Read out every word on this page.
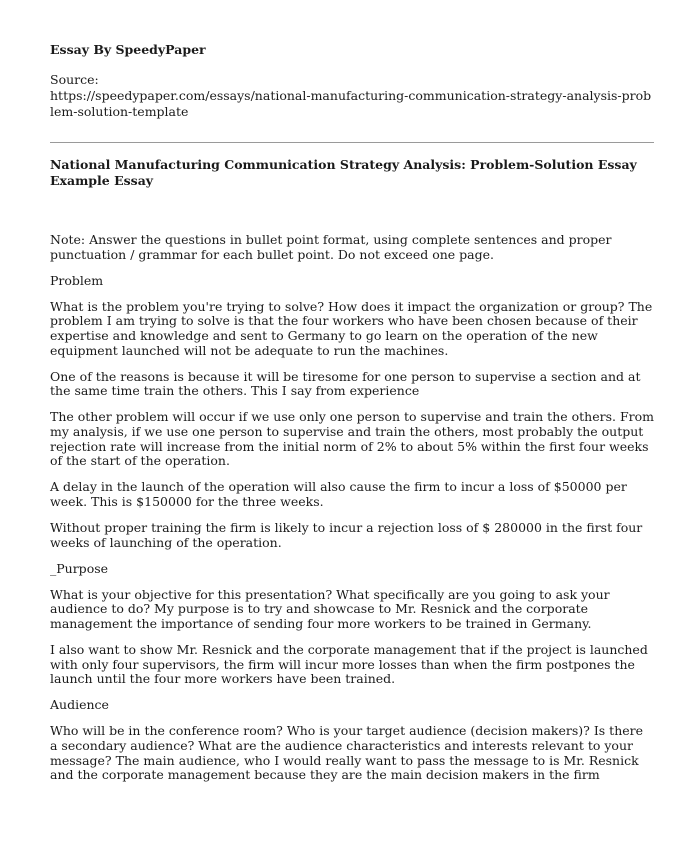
Essay By SpeedyPaper
Source:
https://speedypaper.com/essays/national-manufacturing-communication-strategy-analysis-problem-solution-template
National Manufacturing Communication Strategy Analysis: Problem-Solution Essay Example Essay

Note: Answer the questions in bullet point format, using complete sentences and proper punctuation / grammar for each bullet point. Do not exceed one page.

Problem

What is the problem you're trying to solve? How does it impact the organization or group? The problem I am trying to solve is that the four workers who have been chosen because of their expertise and knowledge and sent to Germany to go learn on the operation of the new equipment launched will not be adequate to run the machines.

One of the reasons is because it will be tiresome for one person to supervise a section and at the same time train the others. This I say from experience

The other problem will occur if we use only one person to supervise and train the others. From my analysis, if we use one person to supervise and train the others, most probably the output rejection rate will increase from the initial norm of 2% to about 5% within the first four weeks of the start of the operation.

A delay in the launch of the operation will also cause the firm to incur a loss of $50000 per week. This is $150000 for the three weeks.

Without proper training the firm is likely to incur a rejection loss of $ 280000 in the first four weeks of launching of the operation.

_Purpose

What is your objective for this presentation? What specifically are you going to ask your audience to do? My purpose is to try and showcase to Mr. Resnick and the corporate management the importance of sending four more workers to be trained in Germany.

I also want to show Mr. Resnick and the corporate management that if the project is launched with only four supervisors, the firm will incur more losses than when the firm postpones the launch until the four more workers have been trained.

Audience

Who will be in the conference room? Who is your target audience (decision makers)? Is there a secondary audience? What are the audience characteristics and interests relevant to your message? The main audience, who I would really want to pass the message to is Mr. Resnick and the corporate management because they are the main decision makers in the firm
